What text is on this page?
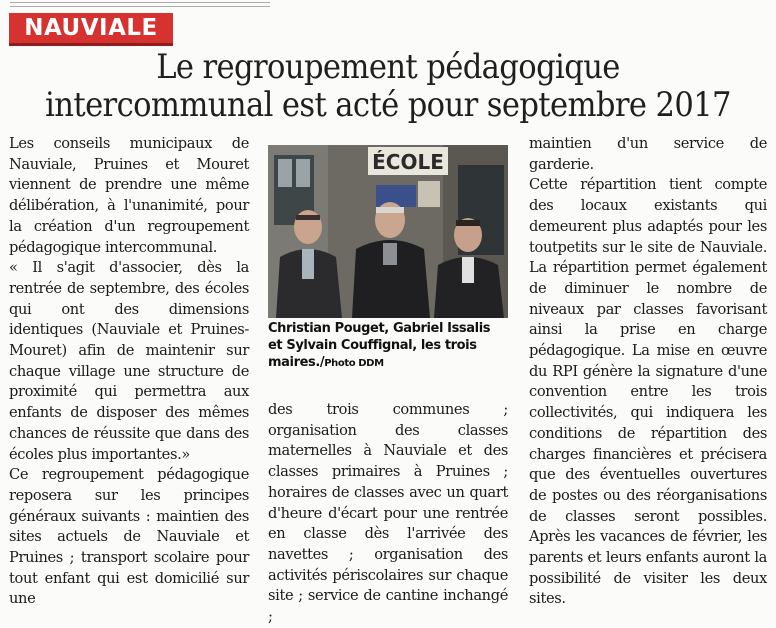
NAUVIALE
Le regroupement pédagogique
intercommunal est acté pour septembre 2017

Les conseils municipaux de Nauviale, Pruines et Mouret viennent de prendre une même délibération, à l'unanimité, pour la création d'un regroupement pédagogique intercommunal.

« Il s'agit d'associer, dès la rentrée de septembre, des écoles qui ont des dimensions identiques (Nauviale et Pruines-Mouret) afin de maintenir sur chaque village une structure de proximité qui permettra aux enfants de disposer des mêmes chances de réussite que dans des écoles plus importantes.»

Ce regroupement pédagogique reposera sur les principes généraux suivants : maintien des sites actuels de Nauviale et Pruines ; transport scolaire pour tout enfant qui est domicilié sur une

ÉCOLE
Christian Pouget, Gabriel Issalis et Sylvain Couffignal, les trois maires./Photo DDM

des trois communes ; organisation des classes maternelles à Nauviale et des classes primaires à Pruines ; horaires de classes avec un quart d'heure d'écart pour une rentrée en classe dès l'arrivée des navettes ; organisation des activités périscolaires sur chaque site ; service de cantine inchangé ;

maintien d'un service de garderie.

Cette répartition tient compte des locaux existants qui demeurent plus adaptés pour les toutpetits sur le site de Nauviale. La répartition permet également de diminuer le nombre de niveaux par classes favorisant ainsi la prise en charge pédagogique. La mise en œuvre du RPI génère la signature d'une convention entre les trois collectivités, qui indiquera les conditions de répartition des charges financières et précisera que des éventuelles ouvertures de postes ou des réorganisations de classes seront possibles. Après les vacances de février, les parents et leurs enfants auront la possibilité de visiter les deux sites.
